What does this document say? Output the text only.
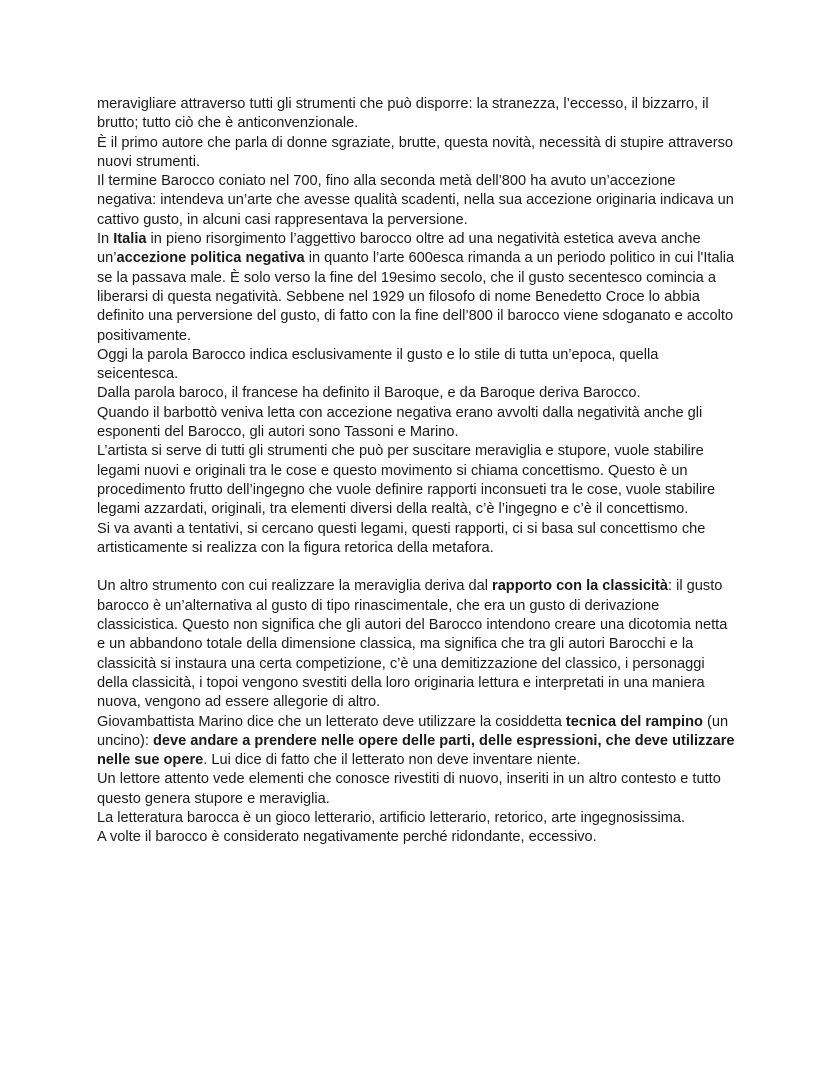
meravigliare attraverso tutti gli strumenti che può disporre: la stranezza, l’eccesso, il bizzarro, il brutto; tutto ciò che è anticonvenzionale.

È il primo autore che parla di donne sgraziate, brutte, questa novità, necessità di stupire attraverso nuovi strumenti.

Il termine Barocco coniato nel 700, fino alla seconda metà dell’800 ha avuto un’accezione negativa: intendeva un’arte che avesse qualità scadenti, nella sua accezione originaria indicava un cattivo gusto, in alcuni casi rappresentava la perversione.

In Italia in pieno risorgimento l’aggettivo barocco oltre ad una negatività estetica aveva anche un’accezione politica negativa in quanto l’arte 600esca rimanda a un periodo politico in cui l'Italia se la passava male. È solo verso la fine del 19esimo secolo, che il gusto secentesco comincia a liberarsi di questa negatività. Sebbene nel 1929 un filosofo di nome Benedetto Croce lo abbia definito una perversione del gusto, di fatto con la fine dell’800 il barocco viene sdoganato e accolto positivamente.

Oggi la parola Barocco indica esclusivamente il gusto e lo stile di tutta un’epoca, quella seicentesca.

Dalla parola baroco, il francese ha definito il Baroque, e da Baroque deriva Barocco.

Quando il barbottò veniva letta con accezione negativa erano avvolti dalla negatività anche gli esponenti del Barocco, gli autori sono Tassoni e Marino.

L’artista si serve di tutti gli strumenti che può per suscitare meraviglia e stupore, vuole stabilire legami nuovi e originali tra le cose e questo movimento si chiama concettismo. Questo è un procedimento frutto dell’ingegno che vuole definire rapporti inconsueti tra le cose, vuole stabilire legami azzardati, originali, tra elementi diversi della realtà, c’è l’ingegno e c’è il concettismo.

Si va avanti a tentativi, si cercano questi legami, questi rapporti, ci si basa sul concettismo che artisticamente si realizza con la figura retorica della metafora.

Un altro strumento con cui realizzare la meraviglia deriva dal rapporto con la classicità: il gusto barocco è un’alternativa al gusto di tipo rinascimentale, che era un gusto di derivazione classicistica. Questo non significa che gli autori del Barocco intendono creare una dicotomia netta e un abbandono totale della dimensione classica, ma significa che tra gli autori Barocchi e la classicità si instaura una certa competizione, c’è una demitizzazione del classico, i personaggi della classicità, i topoi vengono svestiti della loro originaria lettura e interpretati in una maniera nuova, vengono ad essere allegorie di altro.

Giovambattista Marino dice che un letterato deve utilizzare la cosiddetta tecnica del rampino (un uncino): deve andare a prendere nelle opere delle parti, delle espressioni, che deve utilizzare nelle sue opere. Lui dice di fatto che il letterato non deve inventare niente.

Un lettore attento vede elementi che conosce rivestiti di nuovo, inseriti in un altro contesto e tutto questo genera stupore e meraviglia.

La letteratura barocca è un gioco letterario, artificio letterario, retorico, arte ingegnosissima.

A volte il barocco è considerato negativamente perché ridondante, eccessivo.
